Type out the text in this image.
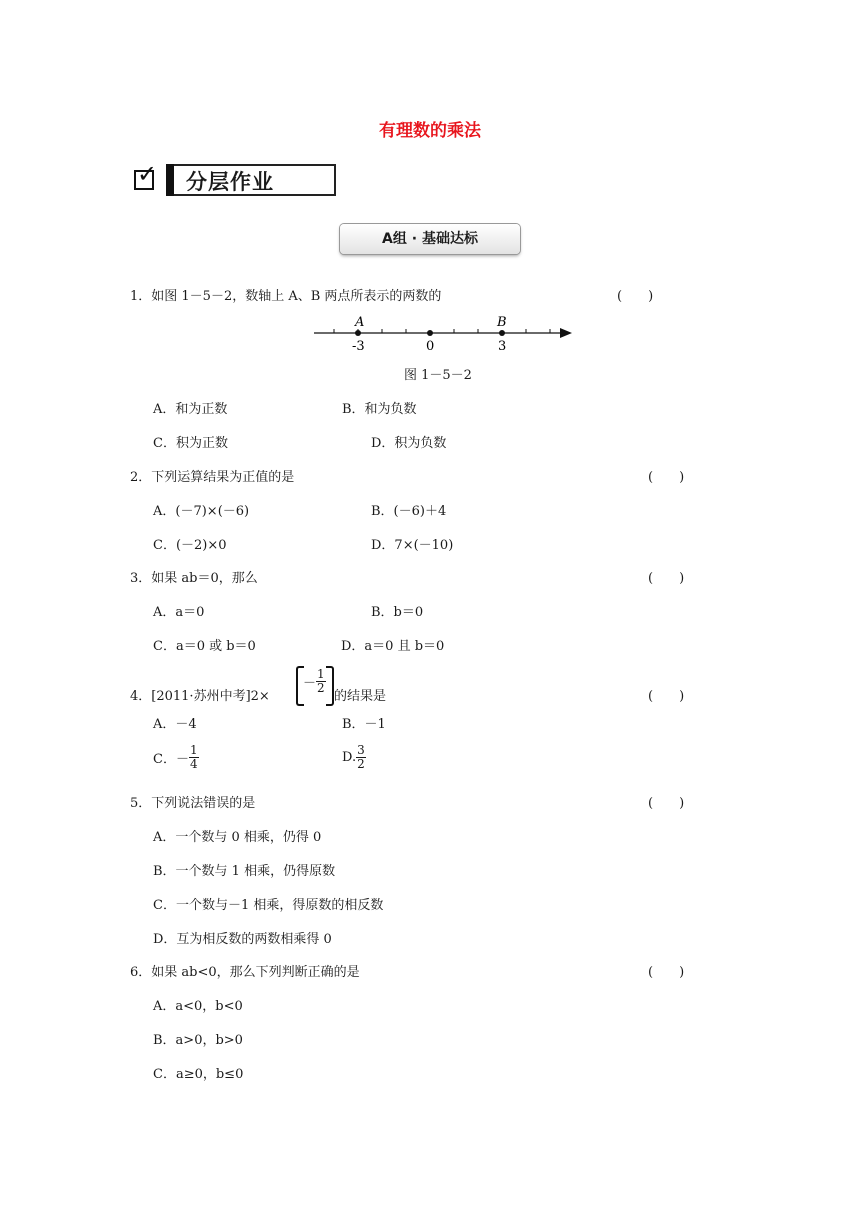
有理数的乘法
✓ 分层作业
A组 · 基础达标
1．如图 1－5－2，数轴上 A、B 两点所表示的两数的	(　　)
A	B
-3	0	3
图 1－5－2
A．和为正数	B．和为负数
C．积为正数	D．积为负数
2．下列运算结果为正值的是	(　　)
A．(－7)×(－6)	B．(－6)＋4
C．(－2)×0	D．7×(－10)
3．如果 ab＝0，那么	(　　)
A．a＝0	B．b＝0
C．a＝0 或 b＝0	D．a＝0 且 b＝0
4．[2011·苏州中考]2×
－ $\frac{1}{2}$
的结果是	(　　)
A．－4	B．－1
C．－ $\frac{1}{4}$	D. $\frac{3}{2}$
5．下列说法错误的是	(　　)
A．一个数与 0 相乘，仍得 0
B．一个数与 1 相乘，仍得原数
C．一个数与－1 相乘，得原数的相反数
D．互为相反数的两数相乘得 0
6．如果 ab<0，那么下列判断正确的是	(　　)
A．a<0，b<0
B．a>0，b>0
C．a≥0，b≤0
